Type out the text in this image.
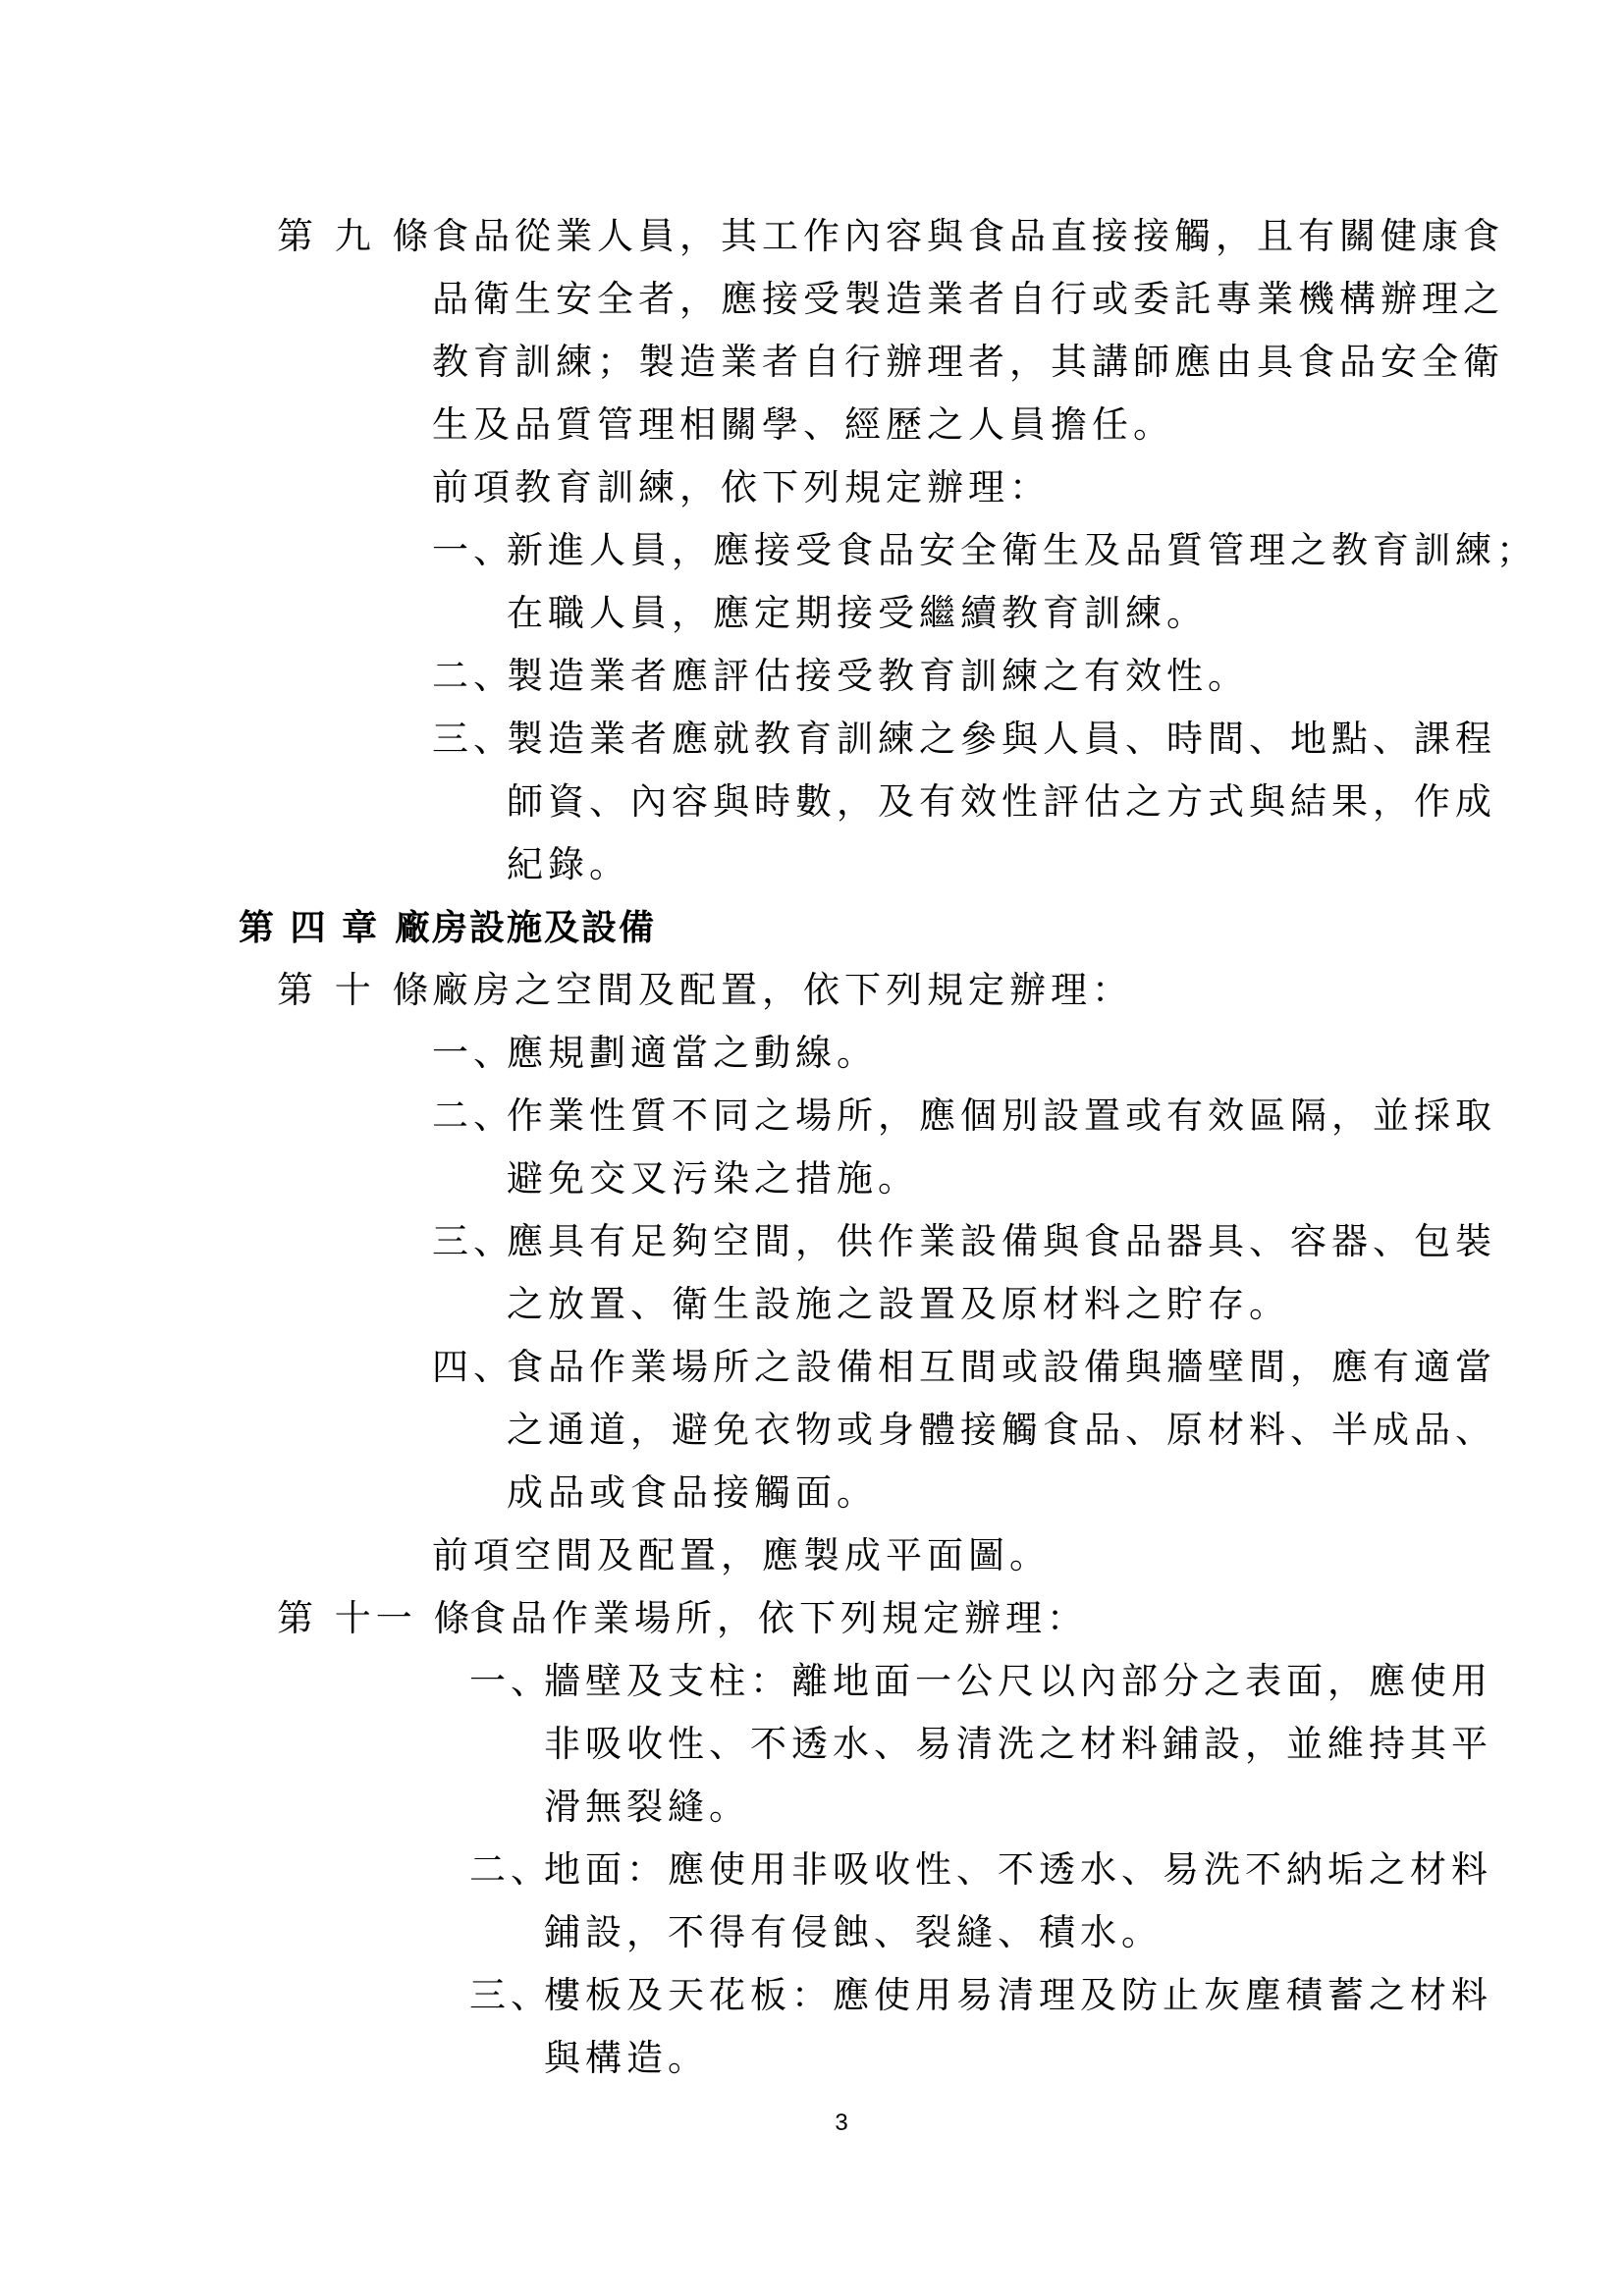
第 九 條
食品從業人員，其工作內容與食品直接接觸，且有關健康食
品衛生安全者，應接受製造業者自行或委託專業機構辦理之
教育訓練；製造業者自行辦理者，其講師應由具食品安全衛
生及品質管理相關學、經歷之人員擔任。
前項教育訓練，依下列規定辦理：
一、
新進人員，應接受食品安全衛生及品質管理之教育訓練；
在職人員，應定期接受繼續教育訓練。
二、
製造業者應評估接受教育訓練之有效性。
三、
製造業者應就教育訓練之參與人員、時間、地點、課程
師資、內容與時數，及有效性評估之方式與結果，作成
紀錄。
第 四 章 廠房設施及設備
第 十 條
廠房之空間及配置，依下列規定辦理：
一、
應規劃適當之動線。
二、
作業性質不同之場所，應個別設置或有效區隔，並採取
避免交叉污染之措施。
三、
應具有足夠空間，供作業設備與食品器具、容器、包裝
之放置、衛生設施之設置及原材料之貯存。
四、
食品作業場所之設備相互間或設備與牆壁間，應有適當
之通道，避免衣物或身體接觸食品、原材料、半成品、
成品或食品接觸面。
前項空間及配置，應製成平面圖。
第 十一 條
食品作業場所，依下列規定辦理：
一、
牆壁及支柱：離地面一公尺以內部分之表面，應使用
非吸收性、不透水、易清洗之材料鋪設，並維持其平
滑無裂縫。
二、
地面：應使用非吸收性、不透水、易洗不納垢之材料
鋪設，不得有侵蝕、裂縫、積水。
三、
樓板及天花板：應使用易清理及防止灰塵積蓄之材料
與構造。
3
